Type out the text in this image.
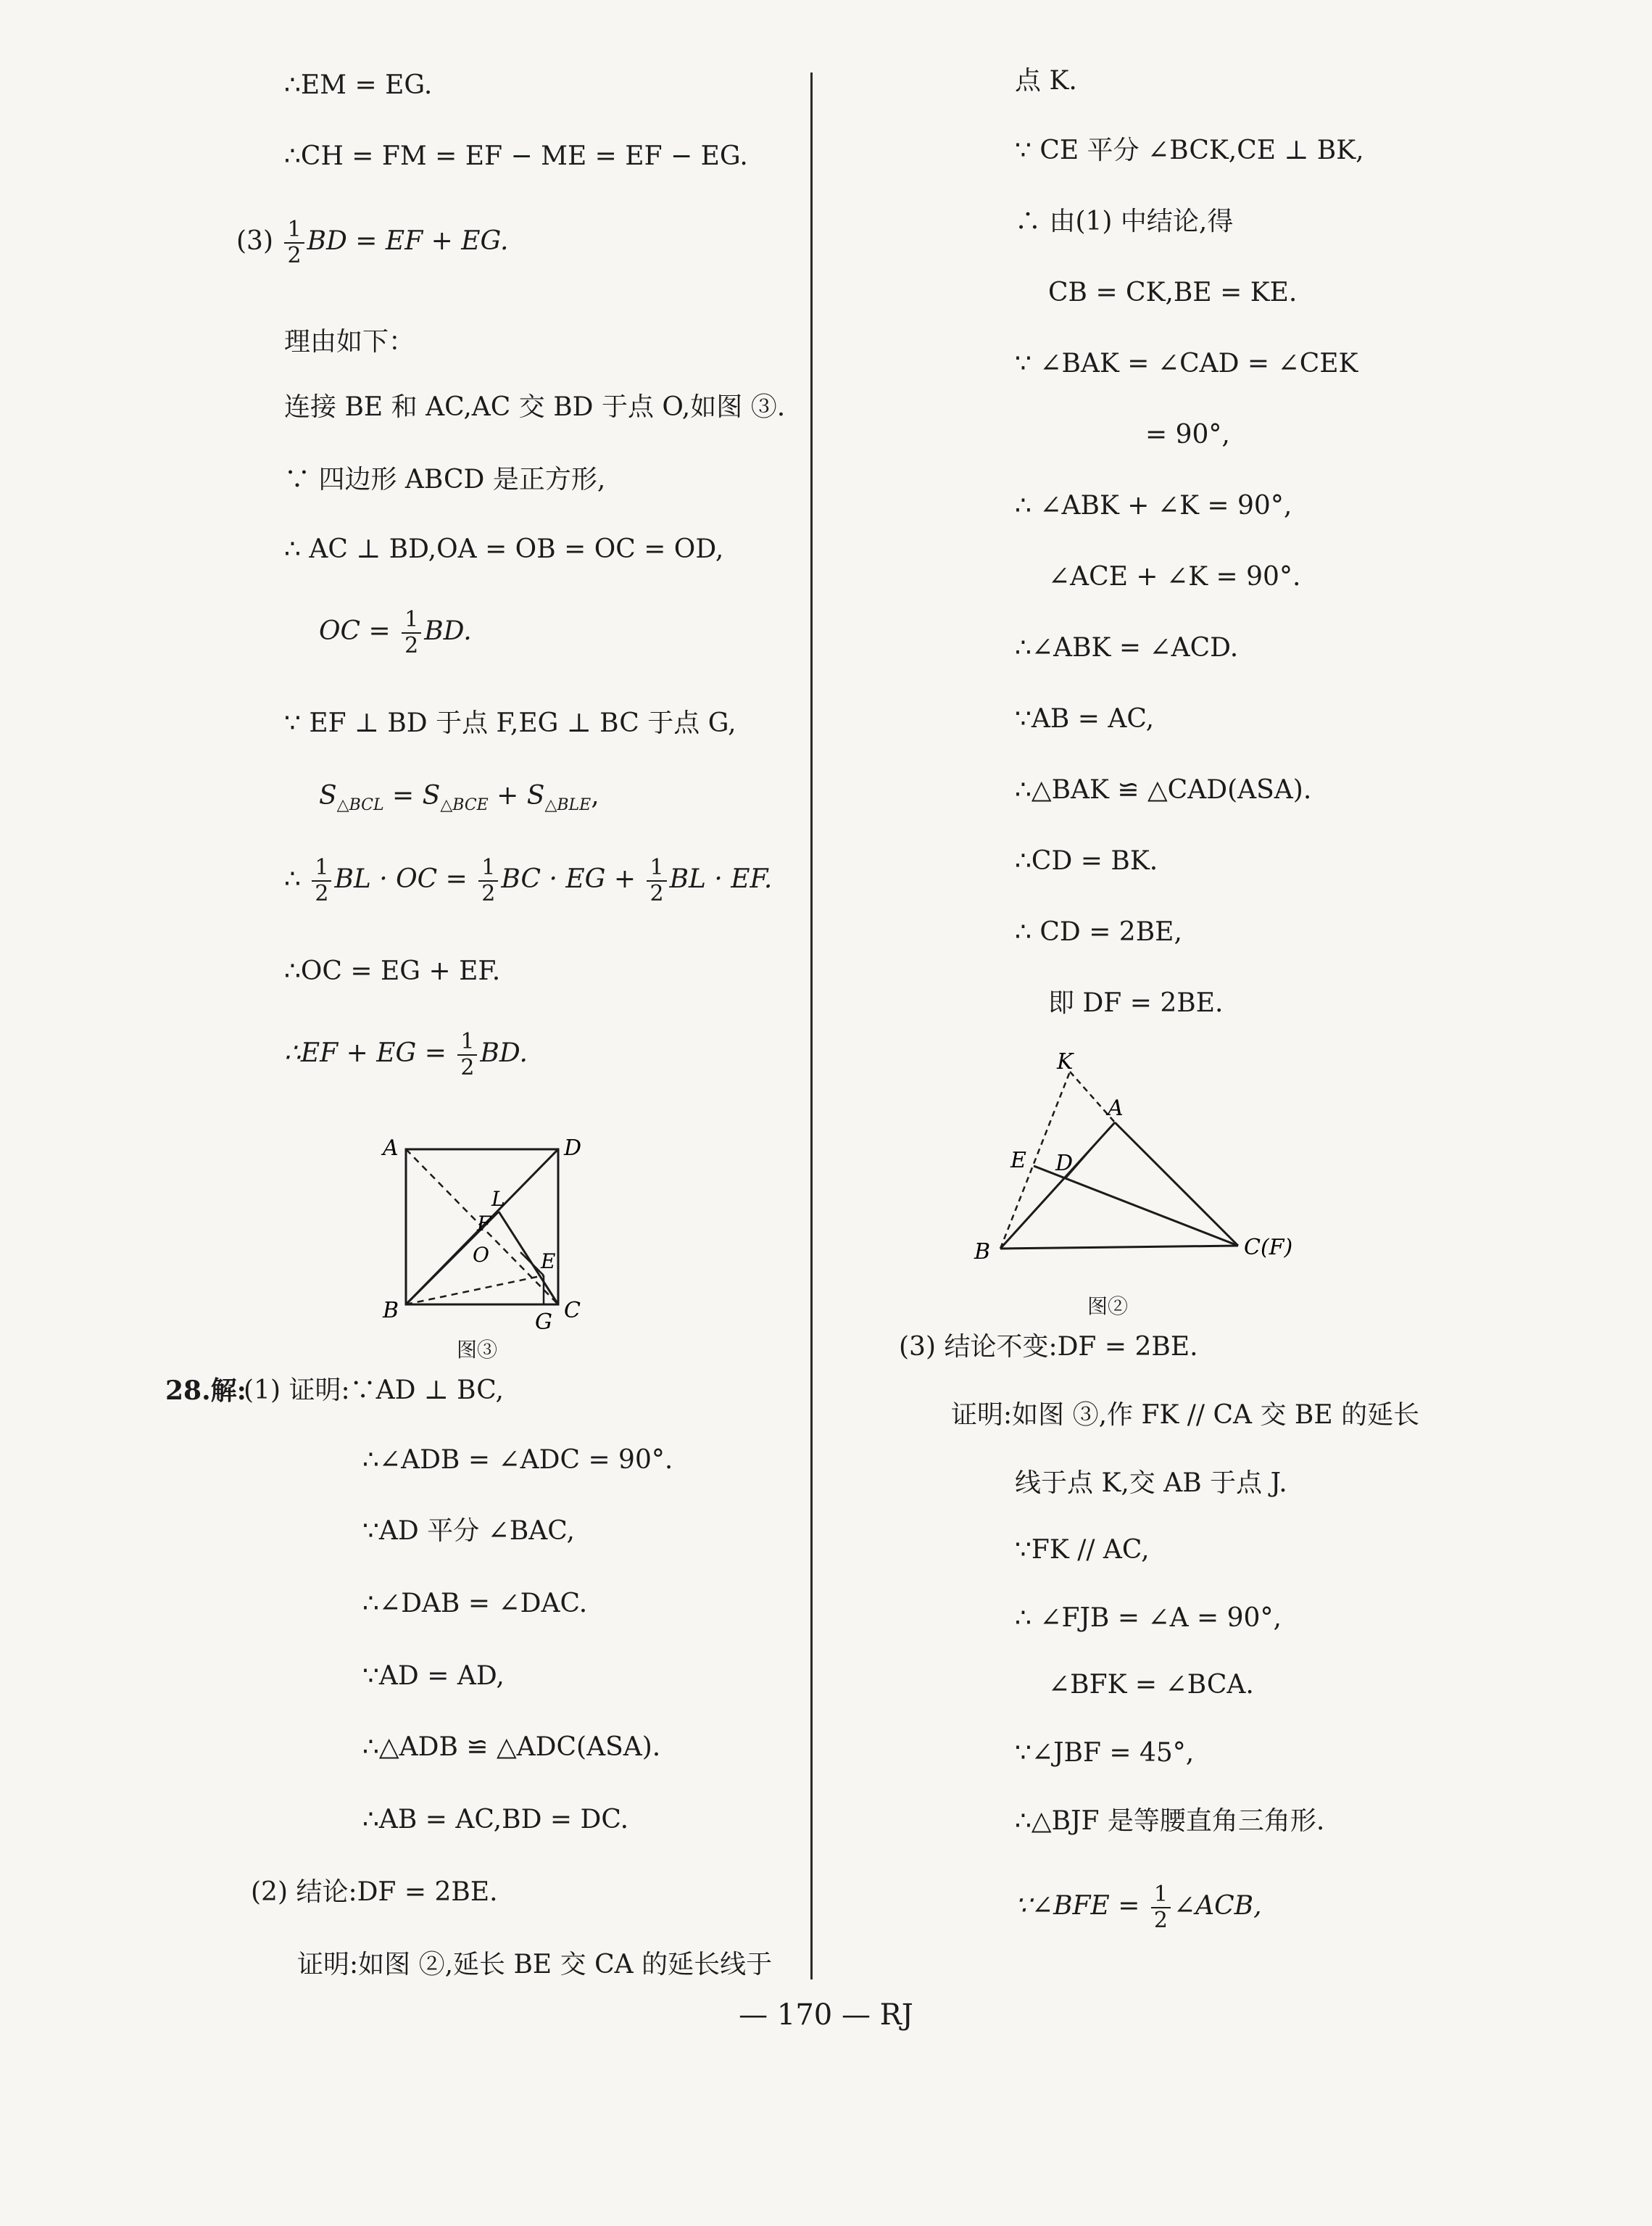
∴EM = EG.
∴CH = FM = EF − ME = EF − EG.
$(3) \frac{1}{2}$ BD = EF + EG.
理由如下：
连接 BE 和 AC,AC 交 BD 于点 O,如图 ③.
∵ 四边形 ABCD 是正方形,
∴ AC ⊥ BD,OA = OB = OC = OD,
OC = $\frac{1}{2}$ BD.
∵ EF ⊥ BD 于点 F,EG ⊥ BC 于点 G,
$S_{\triangle BCL} = S_{\triangle BCE} + S_{\triangle BLE}$,
∴ $\frac{1}{2}$ BL · OC = $\frac{1}{2}$ BC · EG + $\frac{1}{2}$ BL · EF.
∴OC = EG + EF.
∴EF + EG = $\frac{1}{2}$ BD.
A	D
L
F
O	E
B	G C
图③
28.解:
(1) 证明:∵AD ⊥ BC,
∴∠ADB = ∠ADC = 90°.
∵AD 平分 ∠BAC,
∴∠DAB = ∠DAC.
∵AD = AD,
∴△ADB ≌ △ADC(ASA).
∴AB = AC,BD = DC.
(2) 结论:DF = 2BE.
证明:如图 ②,延长 BE 交 CA 的延长线于
点 K.
∵ CE 平分 ∠BCK,CE ⊥ BK,
∴ 由(1) 中结论,得
CB = CK,BE = KE.
∵ ∠BAK = ∠CAD = ∠CEK
= 90°,
∴ ∠ABK + ∠K = 90°,
∠ACE + ∠K = 90°.
∴∠ABK = ∠ACD.
∵AB = AC,
∴△BAK ≌ △CAD(ASA).
∴CD = BK.
∴ CD = 2BE,
即 DF = 2BE.
K
A
E D
B	C(F)
图②
(3) 结论不变:DF = 2BE.
证明:如图 ③,作 FK // CA 交 BE 的延长
线于点 K,交 AB 于点 J.
∵FK // AC,
∴ ∠FJB = ∠A = 90°,
∠BFK = ∠BCA.
∵∠JBF = 45°,
∴△BJF 是等腰直角三角形.
∵∠BFE = $\frac{1}{2}$ ∠ACB,
— 170 — RJ
